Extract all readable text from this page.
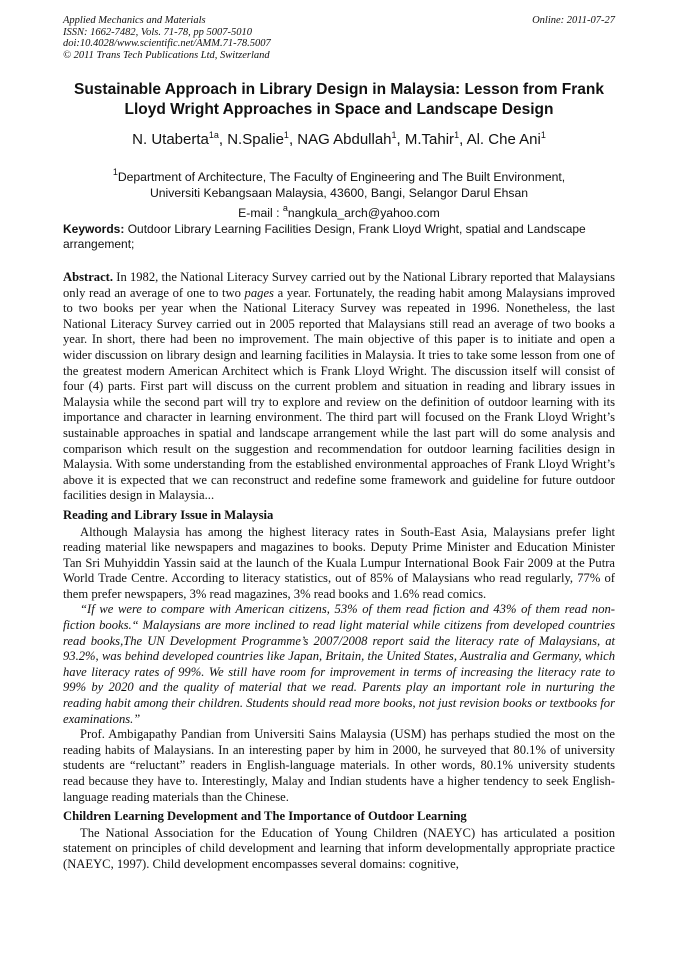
Applied Mechanics and Materials	Online: 2011-07-27
ISSN: 1662-7482, Vols. 71-78, pp 5007-5010
doi:10.4028/www.scientific.net/AMM.71-78.5007
© 2011 Trans Tech Publications Ltd, Switzerland
Sustainable Approach in Library Design in Malaysia: Lesson from Frank Lloyd Wright Approaches in Space and Landscape Design
N. Utaberta$^{1a}$, N.Spalie$^1$, NAG Abdullah$^1$, M.Tahir$^1$, Al. Che Ani$^1$
$^1$Department of Architecture, The Faculty of Engineering and The Built Environment,
Universiti Kebangsaan Malaysia, 43600, Bangi, Selangor Darul Ehsan
E-mail : $^a$nangkula_arch@yahoo.com
Keywords: Outdoor Library Learning Facilities Design, Frank Lloyd Wright, spatial and Landscape arrangement;

Abstract. In 1982, the National Literacy Survey carried out by the National Library reported that Malaysians only read an average of one to two pages a year. Fortunately, the reading habit among Malaysians improved to two books per year when the National Literacy Survey was repeated in 1996. Nonetheless, the last National Literacy Survey carried out in 2005 reported that Malaysians still read an average of two books a year. In short, there had been no improvement. The main objective of this paper is to initiate and open a wider discussion on library design and learning facilities in Malaysia. It tries to take some lesson from one of the greatest modern American Architect which is Frank Lloyd Wright. The discussion itself will consist of four (4) parts. First part will discuss on the current problem and situation in reading and library issues in Malaysia while the second part will try to explore and review on the definition of outdoor learning with its importance and character in learning environment. The third part will focused on the Frank Lloyd Wright’s sustainable approaches in spatial and landscape arrangement while the last part will do some analysis and comparison which result on the suggestion and recommendation for outdoor learning facilities design in Malaysia. With some understanding from the established environmental approaches of Frank Lloyd Wright’s above it is expected that we can reconstruct and redefine some framework and guideline for future outdoor facilities design in Malaysia...

Reading and Library Issue in Malaysia

Although Malaysia has among the highest literacy rates in South-East Asia, Malaysians prefer light reading material like newspapers and magazines to books. Deputy Prime Minister and Education Minister Tan Sri Muhyiddin Yassin said at the launch of the Kuala Lumpur International Book Fair 2009 at the Putra World Trade Centre. According to literacy statistics, out of 85% of Malaysians who read regularly, 77% of them prefer newspapers, 3% read magazines, 3% read books and 1.6% read comics.

“If we were to compare with American citizens, 53% of them read fiction and 43% of them read non-fiction books.“ Malaysians are more inclined to read light material while citizens from developed countries read books,The UN Development Programme’s 2007/2008 report said the literacy rate of Malaysians, at 93.2%, was behind developed countries like Japan, Britain, the United States, Australia and Germany, which have literacy rates of 99%. We still have room for improvement in terms of increasing the literacy rate to 99% by 2020 and the quality of material that we read. Parents play an important role in nurturing the reading habit among their children. Students should read more books, not just revision books or textbooks for examinations.”

Prof. Ambigapathy Pandian from Universiti Sains Malaysia (USM) has perhaps studied the most on the reading habits of Malaysians. In an interesting paper by him in 2000, he surveyed that 80.1% of university students are “reluctant” readers in English-language materials. In other words, 80.1% university students read because they have to. Interestingly, Malay and Indian students have a higher tendency to seek English-language reading materials than the Chinese.

Children Learning Development and The Importance of Outdoor Learning

The National Association for the Education of Young Children (NAEYC) has articulated a position statement on principles of child development and learning that inform developmentally appropriate practice (NAEYC, 1997). Child development encompasses several domains: cognitive,
